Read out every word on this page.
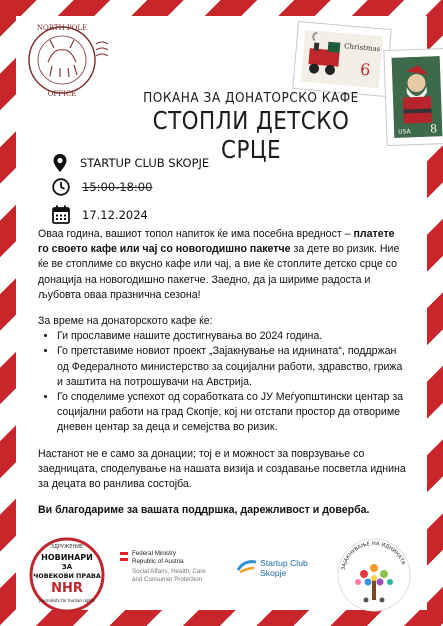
NORTH POLE
OFFICE
Christmas
6
USA 8
ПОКАНА ЗА ДОНАТОРСКО КАФЕ
СТОПЛИ ДЕТСКО СРЦЕ
STARTUP CLUB SKOPJE
15:00-18:00
17.12.2024

Оваа година, вашиот топол напиток ќе има посебна вредност – платете го своето кафе или чај со новогодишно пакетче за дете во ризик. Ние ќе ве стоплиме со вкусно кафе или чај, а вие ќе стоплите детско срце со донација на новогодишно пакетче. Заедно, да ја шириме радоста и љубовта оваа празнична сезона!

За време на донаторското кафе ќе:
• Ги прославиме нашите достигнувања во 2024 година.
• Го претставиме новиот проект „Зајакнување на иднината“, поддржан од Федералното министерство за социјални работи, здравство, грижа и заштита на потрошувачи на Австрија.
• Го споделиме успехот од соработката со ЈУ Меѓуопштински центар за социјални работи на град Скопје, кој ни отстапи простор да отвориме дневен центар за деца и семејства во ризик.

Настанот не е само за донации; тој е и можност за поврзување со заедницата, споделување на нашата визија и создавање посветла иднина за децата во ранлива состојба.

Ви благодариме за вашата поддршка, дарежливост и доверба.

ЗДРУЖЕНИЕ
НОВИНАРИ
ЗА
ЧОВЕКОВИ ПРАВА
NHR
Journalists for human rights
Federal Ministry
Republic of Austria
Social Affairs, Health, Care
and Consumer Protection
Startup Club
Skopje	ЗАЈАКНУВАЊЕ НА ИДНИНАТА
